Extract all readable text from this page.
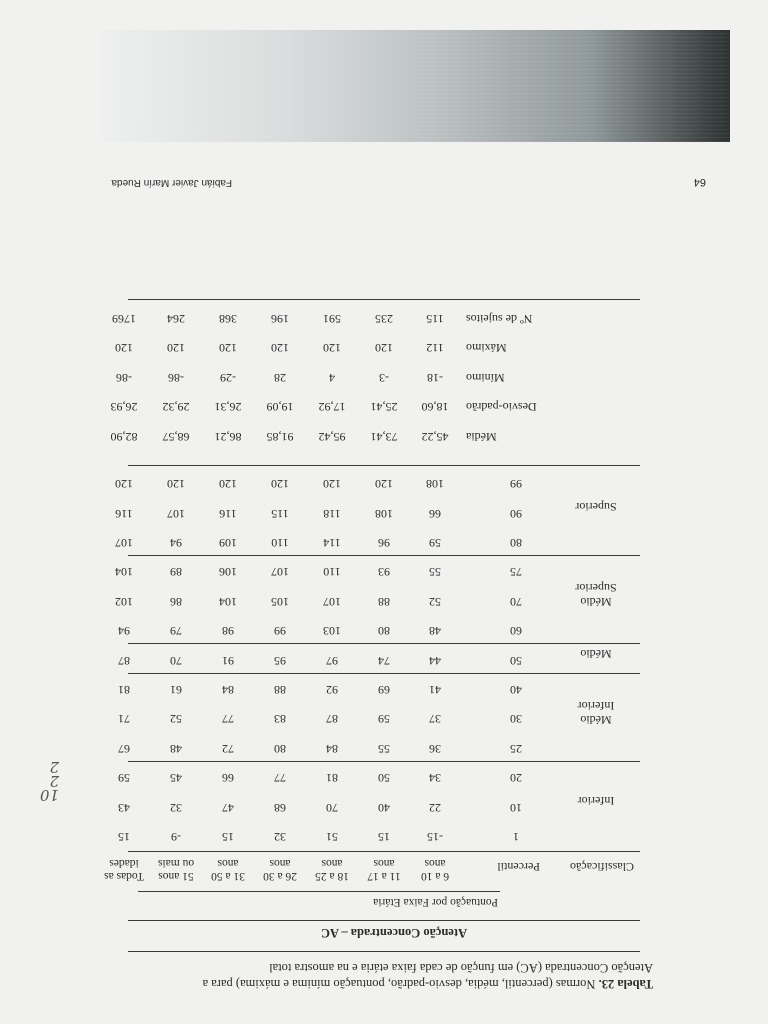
Tabela 23. Normas (percentil, média, desvio-padrão, pontuação mínima e máxima) para a
Atenção Concentrada (AC) em função de cada faixa etária e na amostra total
Atenção Concentrada – AC
Pontuação por Faixa Etária
Classificação
Percentil
6 a 10
anos
11 a 17
anos
18 a 25
anos
26 a 30
anos
31 a 50
anos
51 anos
ou mais
Todas as
idades
1
-15
15
51
32
15
-9
15
10
22
40
70
68
47
32
43
20
34
50
81
77
66
45
59
Inferior
25
36
55
84
80
72
48
67
30
37
59
87
83
77
52
71
40
41
69
92
88
84
61
81
Médio
Inferior
50
44
74
97
95
91
70
87	Médio
60
48
80
103
99
98
79
94
70
52
88
107
105
104
86
102
75
55
93
110
107
106
89
104
Médio
Superior
80
59
96
114
110
109
94
107
90
66
108
118
115
116
107
116
99
108
120
120
120
120
120
120
Superior
Média
45,22
73,41
95,42
91,85
86,21
68,57
82,90
Desvio-padrão
18,60
25,41
17,92
19,09
26,31
29,32
26,93
Mínimo
-18
-3
4
28
-29
-86
-86
Máximo
112
120
120
120
120
120
120
Nº de sujeitos
115
235
591
196
368
264
1769
64
Fabián Javier Marín Rueda
10
2
2
